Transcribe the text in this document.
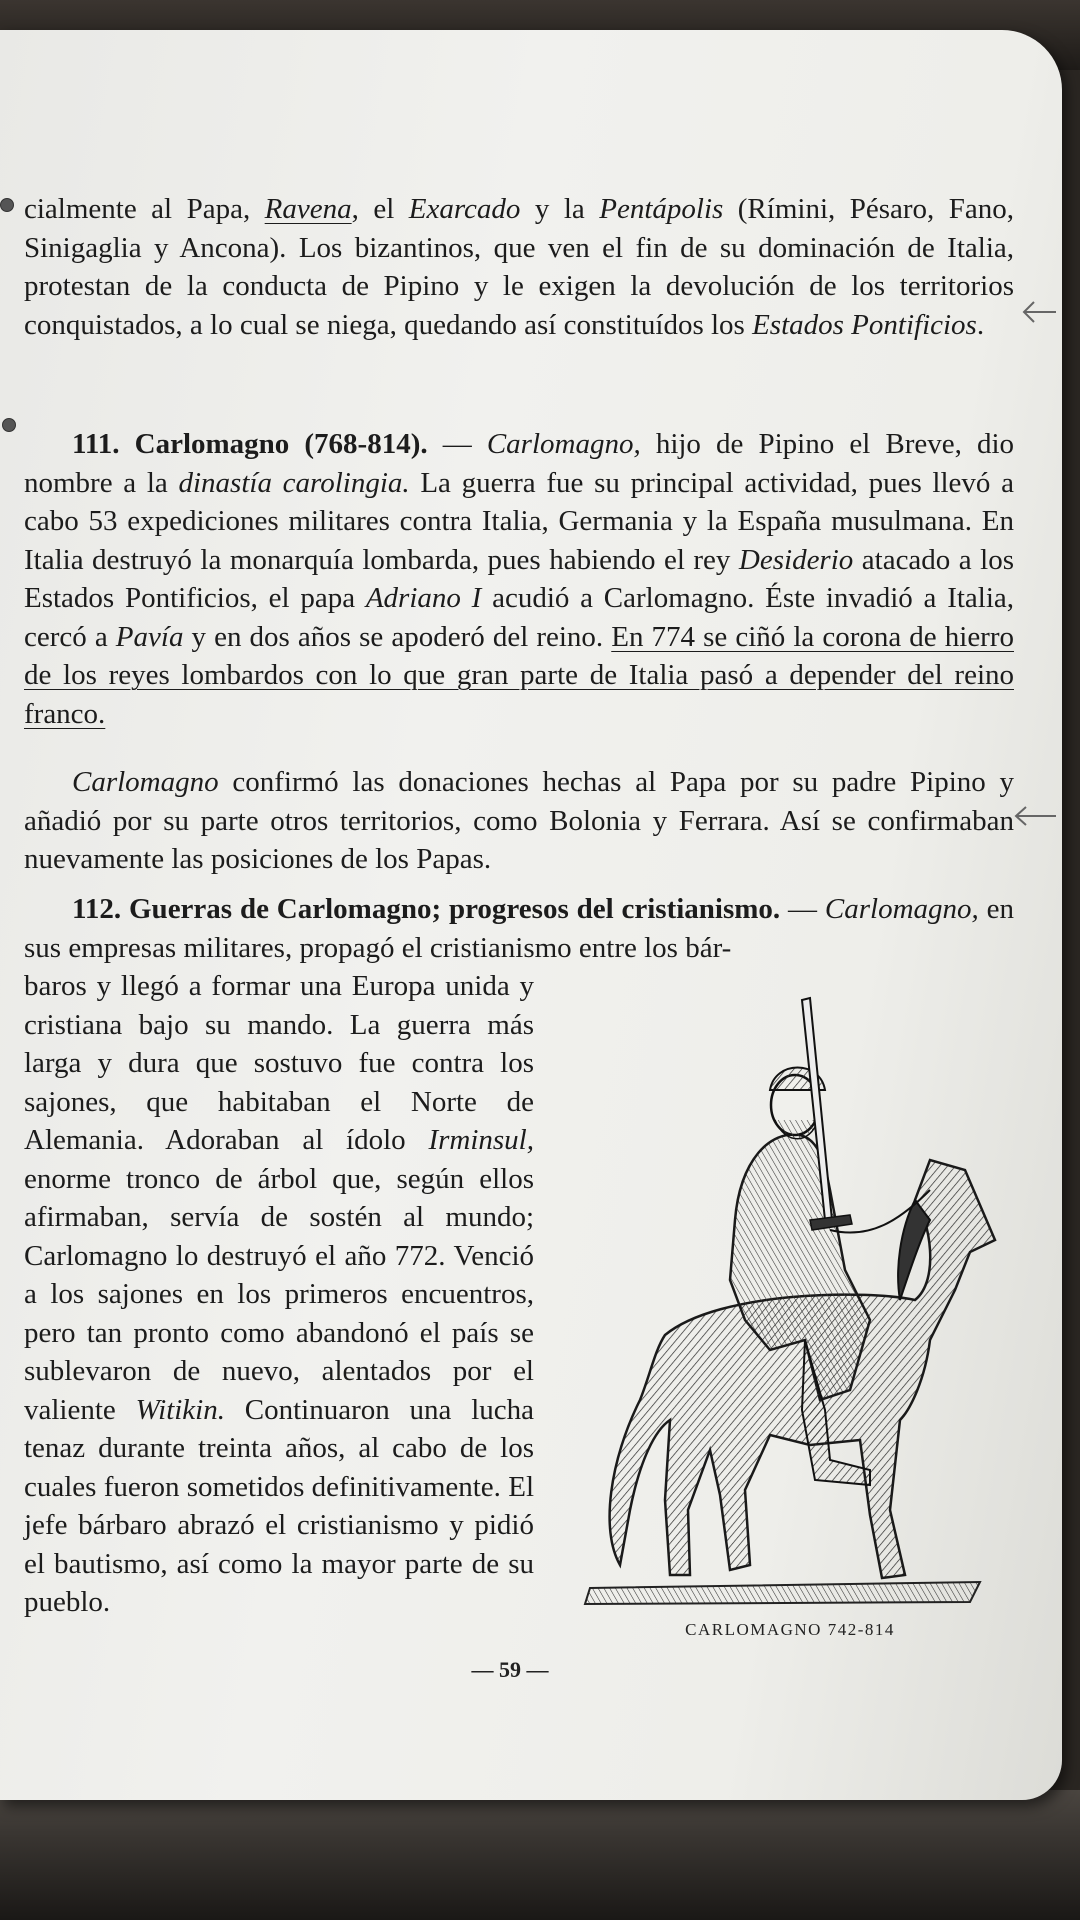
cialmente al Papa, Ravena, el Exarcado y la Pentápolis (Rímini, Pésaro, Fano, Sinigaglia y Ancona). Los bizantinos, que ven el fin de su dominación de Italia, protestan de la conducta de Pipino y le exigen la devolución de los territorios conquistados, a lo cual se niega, quedando así constituídos los Estados Pontificios.

111. Carlomagno (768-814). — Carlomagno, hijo de Pipino el Breve, dio nombre a la dinastía carolingia. La guerra fue su principal actividad, pues llevó a cabo 53 expediciones militares contra Italia, Germania y la España musulmana. En Italia destruyó la monarquía lombarda, pues habiendo el rey Desiderio atacado a los Estados Pontificios, el papa Adriano I acudió a Carlomagno. Éste invadió a Italia, cercó a Pavía y en dos años se apoderó del reino. En 774 se ciñó la corona de hierro de los reyes lombardos con lo que gran parte de Italia pasó a depender del reino franco.

Carlomagno confirmó las donaciones hechas al Papa por su padre Pipino y añadió por su parte otros territorios, como Bolonia y Ferrara. Así se confirmaban nuevamente las posiciones de los Papas.

112. Guerras de Carlomagno; progresos del cristianismo. — Carlomagno, en sus empresas militares, propagó el cristianismo entre los bár-

baros y llegó a formar una Europa unida y cristiana bajo su mando. La guerra más larga y dura que sostuvo fue contra los sajones, que habitaban el Norte de Alemania. Adoraban al ídolo Irminsul, enorme tronco de árbol que, según ellos afirmaban, servía de sostén al mundo; Carlomagno lo destruyó el año 772. Venció a los sajones en los primeros encuentros, pero tan pronto como abandonó el país se sublevaron de nuevo, alentados por el valiente Witikin. Continuaron una lucha tenaz durante treinta años, al cabo de los cuales fueron sometidos definitivamente. El jefe bárbaro abrazó el cristianismo y pidió el bautismo, así como la mayor parte de su pueblo.

CARLOMAGNO 742-814
— 59 —
